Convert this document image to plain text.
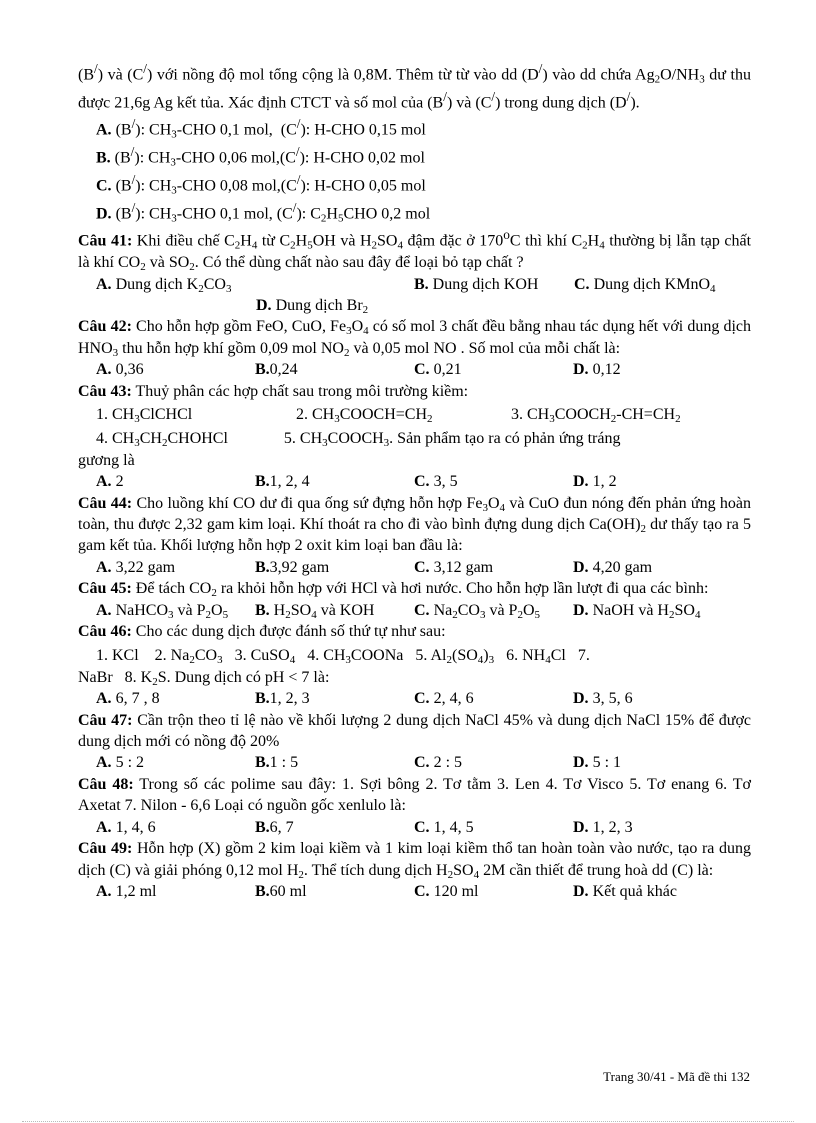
(B/) và (C/) với nồng độ mol tổng cộng là 0,8M. Thêm từ từ vào dd (D/) vào dd chứa $Ag_2O/NH_3$ dư thu được 21,6g Ag kết tủa. Xác định CTCT và số mol của (B/) và (C/) trong dung dịch (D/).

A. (B/): $CH_3$-CHO 0,1 mol,  (C/): H-CHO 0,15 mol

B. (B/): $CH_3$-CHO 0,06 mol,(C/): H-CHO 0,02 mol

C. (B/): $CH_3$-CHO 0,08 mol,(C/): H-CHO 0,05 mol

D. (B/): $CH_3$-CHO 0,1 mol, (C/): $C_2H_5CHO$ 0,2 mol

Câu 41: Khi điều chế $C_2H_4$ từ $C_2H_5OH$ và $H_2SO_4$ đậm đặc ở 170$^o$C thì khí $C_2H_4$ thường bị lẫn tạp chất là khí $CO_2$ và $SO_2$. Có thể dùng chất nào sau đây để loại bỏ tạp chất ?

A. Dung dịch $K_2CO_3$	B. Dung dịch KOH	C. Dung dịch KMnO$_4$
D. Dung dịch $Br_2$

Câu 42: Cho hỗn hợp gồm FeO, CuO, $Fe_3O_4$ có số mol 3 chất đều bằng nhau tác dụng hết với dung dịch $HNO_3$ thu hỗn hợp khí gồm 0,09 mol $NO_2$ và 0,05 mol NO . Số mol của mỗi chất là:

A. 0,36	B.0,24	C. 0,21	D. 0,12

Câu 43: Thuỷ phân các hợp chất sau trong môi trường kiềm:

1. $CH_3ClCHCl$	2. $CH_3COOCH=CH_2$	3. $CH_3COOCH_2-CH=CH_2$

4. $CH_3CH_2CHOHCl$	5. $CH_3COOCH_3$. Sản phẩm tạo ra có phản ứng tráng

gương là

A. 2	B.1, 2, 4	C. 3, 5	D. 1, 2

Câu 44: Cho luồng khí CO dư đi qua ống sứ đựng hỗn hợp $Fe_3O_4$ và CuO đun nóng đến phản ứng hoàn toàn, thu được 2,32 gam kim loại. Khí thoát ra cho đi vào bình đựng dung dịch $Ca(OH)_2$ dư thấy tạo ra 5 gam kết tủa. Khối lượng hỗn hợp 2 oxit kim loại ban đầu là:

A. 3,22 gam	B.3,92 gam	C. 3,12 gam	D. 4,20 gam

Câu 45: Để tách $CO_2$ ra khỏi hỗn hợp với HCl và hơi nước. Cho hỗn hợp lần lượt đi qua các bình:

A. NaHCO$_3$ và $P_2O_5$	B. $H_2SO_4$ và KOH	C. $Na_2CO_3$ và $P_2O_5$	D. NaOH và $H_2SO_4$

Câu 46: Cho các dung dịch được đánh số thứ tự như sau:

1. KCl    2. $Na_2CO_3$   3. CuSO$_4$   4. $CH_3COONa$   5. $Al_2(SO_4)_3$   6. $NH_4Cl$   7.

NaBr   8. $K_2S$. Dung dịch có pH < 7 là:

A. 6, 7 , 8	B.1, 2, 3	C. 2, 4, 6	D. 3, 5, 6

Câu 47: Cần trộn theo tỉ lệ nào về khối lượng 2 dung dịch NaCl 45% và dung dịch NaCl 15% để được dung dịch mới có nồng độ 20%

A. 5 : 2	B.1 : 5	C. 2 : 5	D. 5 : 1

Câu 48: Trong số các polime sau đây: 1. Sợi bông 2. Tơ tằm 3. Len 4. Tơ Visco 5. Tơ enang 6. Tơ Axetat 7. Nilon - 6,6 Loại có nguồn gốc xenlulo là:

A. 1, 4, 6	B.6, 7	C. 1, 4, 5	D. 1, 2, 3

Câu 49: Hỗn hợp (X) gồm 2 kim loại kiềm và 1 kim loại kiềm thổ tan hoàn toàn vào nước, tạo ra dung dịch (C) và giải phóng 0,12 mol $H_2$. Thể tích dung dịch $H_2SO_4$ 2M cần thiết để trung hoà dd (C) là:

A. 1,2 ml	B.60 ml	C. 120 ml	D. Kết quả khác
Trang 30/41 - Mã đề thi 132
